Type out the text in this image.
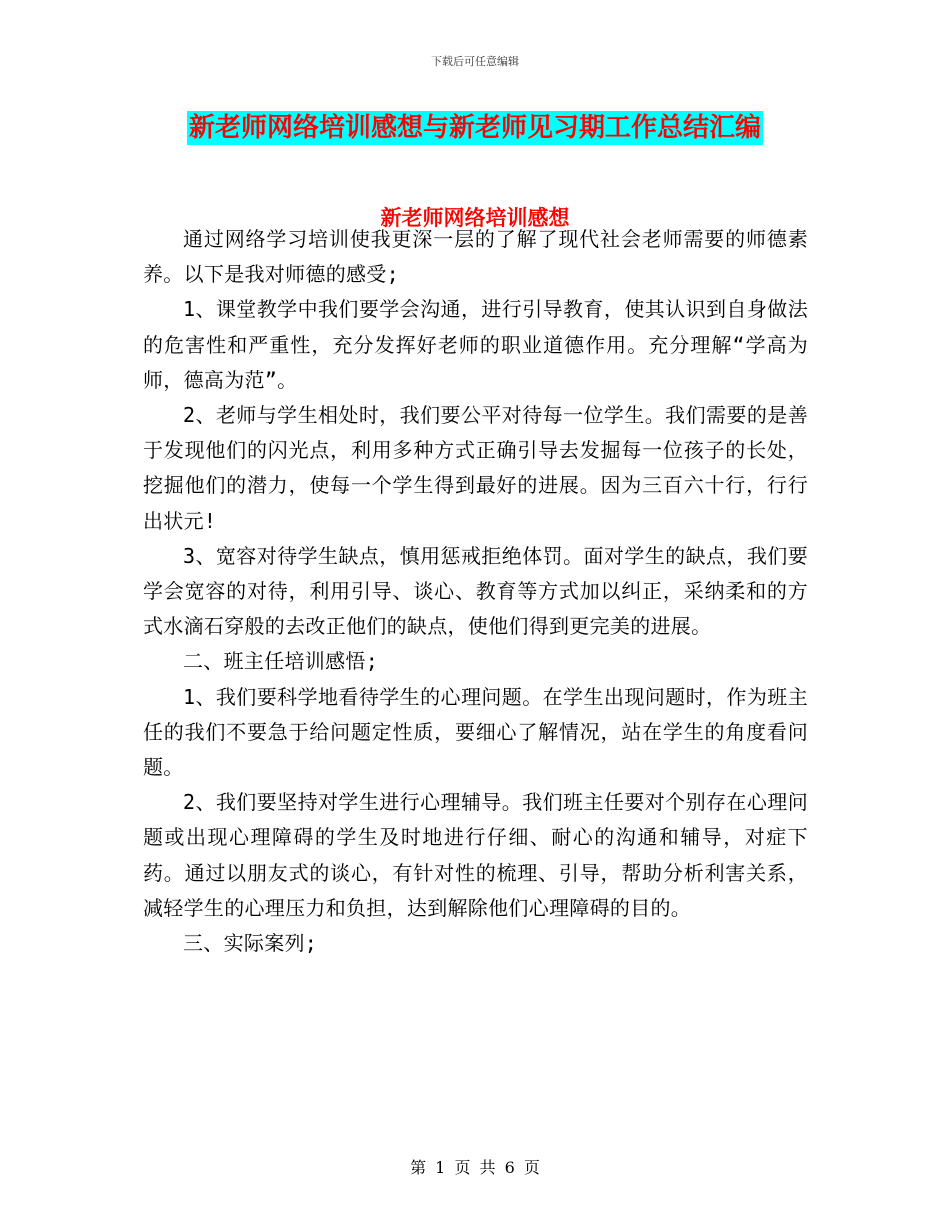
下载后可任意编辑
新老师网络培训感想与新老师见习期工作总结汇编
新老师网络培训感想

通过网络学习培训使我更深一层的了解了现代社会老师需要的师德素养。以下是我对师德的感受;

1、课堂教学中我们要学会沟通，进行引导教育，使其认识到自身做法的危害性和严重性，充分发挥好老师的职业道德作用。充分理解“学高为师，德高为范”。

2、老师与学生相处时，我们要公平对待每一位学生。我们需要的是善于发现他们的闪光点，利用多种方式正确引导去发掘每一位孩子的长处，挖掘他们的潜力，使每一个学生得到最好的进展。因为三百六十行，行行出状元!

3、宽容对待学生缺点，慎用惩戒拒绝体罚。面对学生的缺点，我们要学会宽容的对待，利用引导、谈心、教育等方式加以纠正，采纳柔和的方式水滴石穿般的去改正他们的缺点，使他们得到更完美的进展。

二、班主任培训感悟;

1、我们要科学地看待学生的心理问题。在学生出现问题时，作为班主任的我们不要急于给问题定性质，要细心了解情况，站在学生的角度看问题。

2、我们要坚持对学生进行心理辅导。我们班主任要对个别存在心理问题或出现心理障碍的学生及时地进行仔细、耐心的沟通和辅导，对症下药。通过以朋友式的谈心，有针对性的梳理、引导，帮助分析利害关系，减轻学生的心理压力和负担，达到解除他们心理障碍的目的。

三、实际案列;

第 1 页 共 6 页
